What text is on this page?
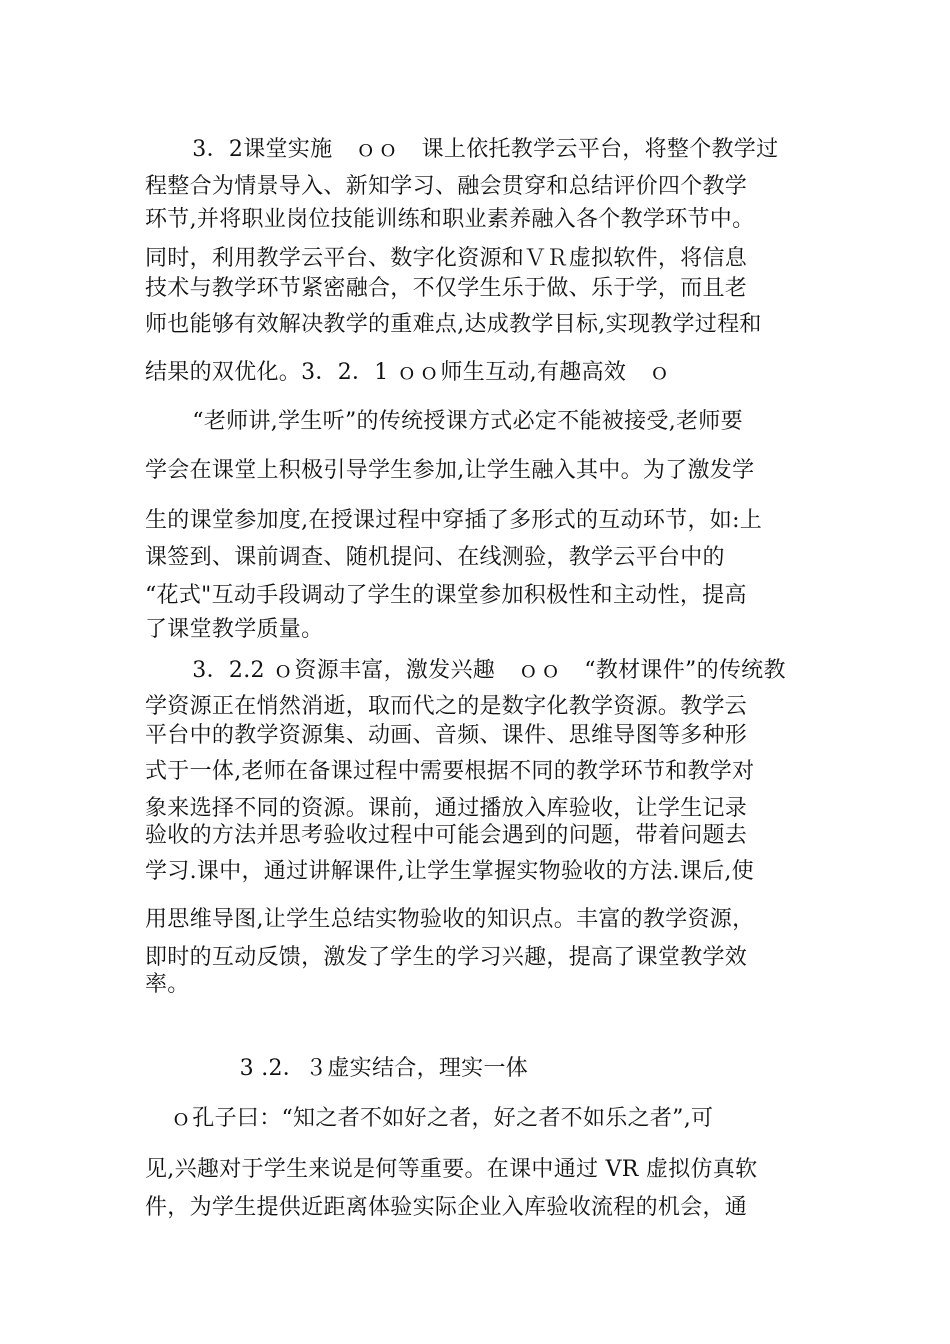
　3．2课堂实施　ｏｏ　课上依托教学云平台，将整个教学过
程整合为情景导入、新知学习、融会贯穿和总结评价四个教学
环节,并将职业岗位技能训练和职业素养融入各个教学环节中。
同时，利用教学云平台、数字化资源和ＶＲ虚拟软件，将信息
技术与教学环节紧密融合，不仅学生乐于做、乐于学，而且老
师也能够有效解决教学的重难点,达成教学目标,实现教学过程和
结果的双优化。3．2．1 ｏｏ师生互动,有趣高效　ｏ
　“老师讲,学生听”的传统授课方式必定不能被接受,老师要
学会在课堂上积极引导学生参加,让学生融入其中。为了激发学
生的课堂参加度,在授课过程中穿插了多形式的互动环节，如:上
课签到、课前调查、随机提问、在线测验，教学云平台中的
“花式"互动手段调动了学生的课堂参加积极性和主动性，提高
了课堂教学质量。
　3．2.2 ｏ资源丰富，激发兴趣　ｏｏ　“教材课件”的传统教
学资源正在悄然消逝，取而代之的是数字化教学资源。教学云
平台中的教学资源集、动画、音频、课件、思维导图等多种形
式于一体,老师在备课过程中需要根据不同的教学环节和教学对
象来选择不同的资源。课前，通过播放入库验收，让学生记录
验收的方法并思考验收过程中可能会遇到的问题，带着问题去
学习.课中，通过讲解课件,让学生掌握实物验收的方法.课后,使
用思维导图,让学生总结实物验收的知识点。丰富的教学资源，
即时的互动反馈，激发了学生的学习兴趣，提高了课堂教学效
率。
　　3 .2．３虚实结合，理实一体
ｏ孔子曰：“知之者不如好之者，好之者不如乐之者”,可
见,兴趣对于学生来说是何等重要。在课中通过 VR 虚拟仿真软
件，为学生提供近距离体验实际企业入库验收流程的机会，通
